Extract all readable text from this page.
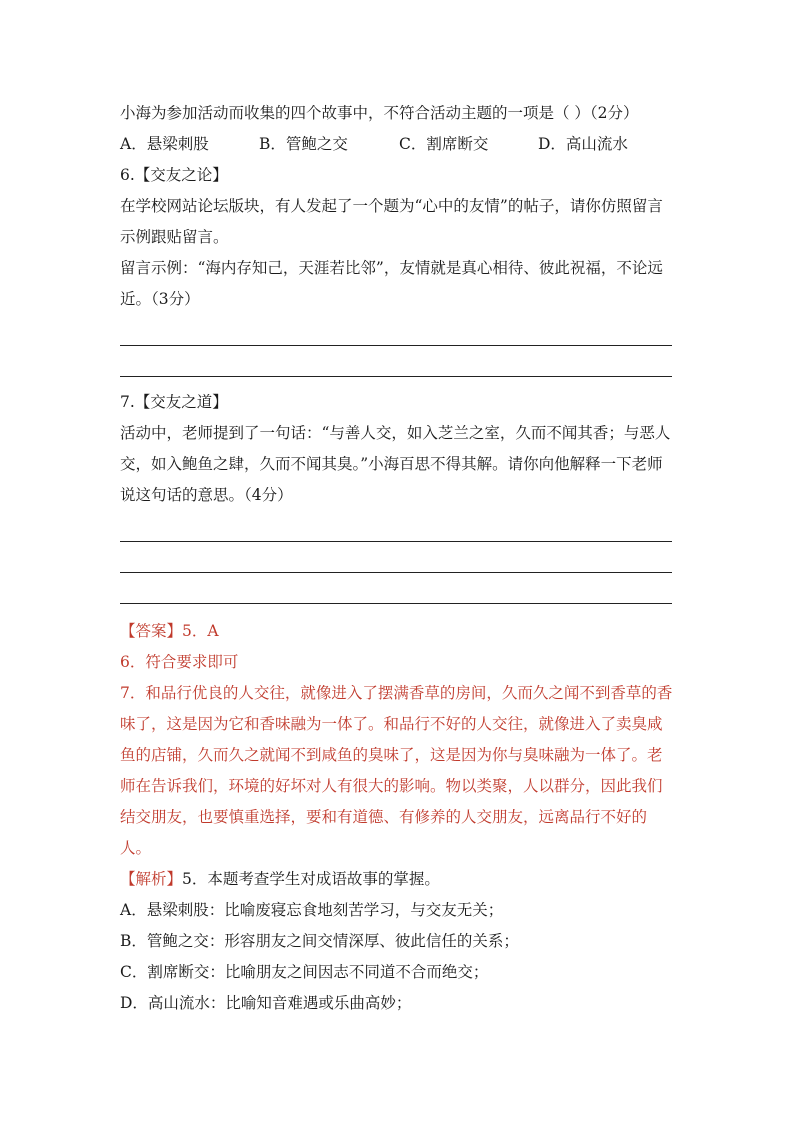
小海为参加活动而收集的四个故事中，不符合活动主题的一项是（ ）（2分）
A．悬梁刺股	B．管鲍之交	C．割席断交	D．高山流水
6.【交友之论】
在学校网站论坛版块，有人发起了一个题为“心中的友情”的帖子，请你仿照留言示例跟贴留言。
留言示例：“海内存知己，天涯若比邻”，友情就是真心相待、彼此祝福，不论远近。（3分）
7.【交友之道】
活动中，老师提到了一句话：“与善人交，如入芝兰之室，久而不闻其香；与恶人交，如入鲍鱼之肆，久而不闻其臭。”小海百思不得其解。请你向他解释一下老师说这句话的意思。（4分）
【答案】5．A
6．符合要求即可
7．和品行优良的人交往，就像进入了摆满香草的房间，久而久之闻不到香草的香味了，这是因为它和香味融为一体了。和品行不好的人交往，就像进入了卖臭咸鱼的店铺，久而久之就闻不到咸鱼的臭味了，这是因为你与臭味融为一体了。老师在告诉我们，环境的好坏对人有很大的影响。物以类聚，人以群分，因此我们结交朋友，也要慎重选择，要和有道德、有修养的人交朋友，远离品行不好的人。
【解析】5．本题考查学生对成语故事的掌握。
A．悬梁刺股：比喻废寝忘食地刻苦学习，与交友无关；
B．管鲍之交：形容朋友之间交情深厚、彼此信任的关系；
C．割席断交：比喻朋友之间因志不同道不合而绝交；
D．高山流水：比喻知音难遇或乐曲高妙；
